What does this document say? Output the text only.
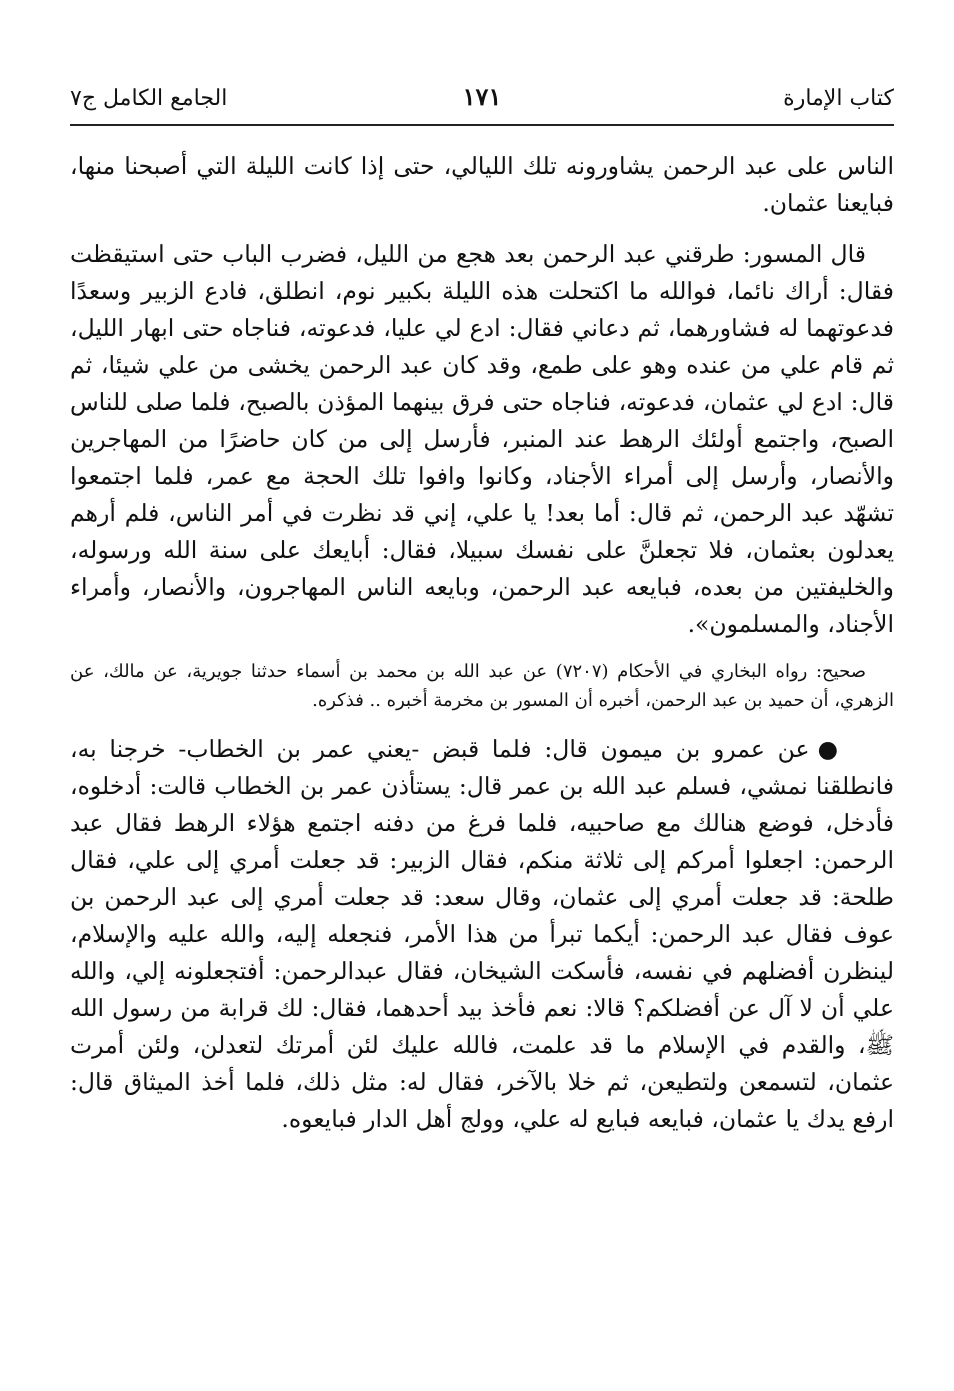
كتاب الإمارة
١٧١
الجامع الكامل ج٧

الناس على عبد الرحمن يشاورونه تلك الليالي، حتى إذا كانت الليلة التي أصبحنا منها، فبايعنا عثمان.

قال المسور: طرقني عبد الرحمن بعد هجع من الليل، فضرب الباب حتى استيقظت فقال: أراك نائما، فوالله ما اكتحلت هذه الليلة بكبير نوم، انطلق، فادع الزبير وسعدًا فدعوتهما له فشاورهما، ثم دعاني فقال: ادع لي عليا، فدعوته، فناجاه حتى ابهار الليل، ثم قام علي من عنده وهو على طمع، وقد كان عبد الرحمن يخشى من علي شيئا، ثم قال: ادع لي عثمان، فدعوته، فناجاه حتى فرق بينهما المؤذن بالصبح، فلما صلى للناس الصبح، واجتمع أولئك الرهط عند المنبر، فأرسل إلى من كان حاضرًا من المهاجرين والأنصار، وأرسل إلى أمراء الأجناد، وكانوا وافوا تلك الحجة مع عمر، فلما اجتمعوا تشهّد عبد الرحمن، ثم قال: أما بعد! يا علي، إني قد نظرت في أمر الناس، فلم أرهم يعدلون بعثمان، فلا تجعلنَّ على نفسك سبيلا، فقال: أبايعك على سنة الله ورسوله، والخليفتين من بعده، فبايعه عبد الرحمن، وبايعه الناس المهاجرون، والأنصار، وأمراء الأجناد، والمسلمون».

صحيح: رواه البخاري في الأحكام (٧٢٠٧) عن عبد الله بن محمد بن أسماء حدثنا جويرية، عن مالك، عن الزهري، أن حميد بن عبد الرحمن، أخبره أن المسور بن مخرمة أخبره .. فذكره.

●عن عمرو بن ميمون قال: فلما قبض -يعني عمر بن الخطاب- خرجنا به، فانطلقنا نمشي، فسلم عبد الله بن عمر قال: يستأذن عمر بن الخطاب قالت: أدخلوه، فأدخل، فوضع هنالك مع صاحبيه، فلما فرغ من دفنه اجتمع هؤلاء الرهط فقال عبد الرحمن: اجعلوا أمركم إلى ثلاثة منكم، فقال الزبير: قد جعلت أمري إلى علي، فقال طلحة: قد جعلت أمري إلى عثمان، وقال سعد: قد جعلت أمري إلى عبد الرحمن بن عوف فقال عبد الرحمن: أيكما تبرأ من هذا الأمر، فنجعله إليه، والله عليه والإسلام، لينظرن أفضلهم في نفسه، فأسكت الشيخان، فقال عبدالرحمن: أفتجعلونه إلي، والله علي أن لا آل عن أفضلكم؟ قالا: نعم فأخذ بيد أحدهما، فقال: لك قرابة من رسول الله ﷺ، والقدم في الإسلام ما قد علمت، فالله عليك لئن أمرتك لتعدلن، ولئن أمرت عثمان، لتسمعن ولتطيعن، ثم خلا بالآخر، فقال له: مثل ذلك، فلما أخذ الميثاق قال: ارفع يدك يا عثمان، فبايعه فبايع له علي، وولج أهل الدار فبايعوه.
